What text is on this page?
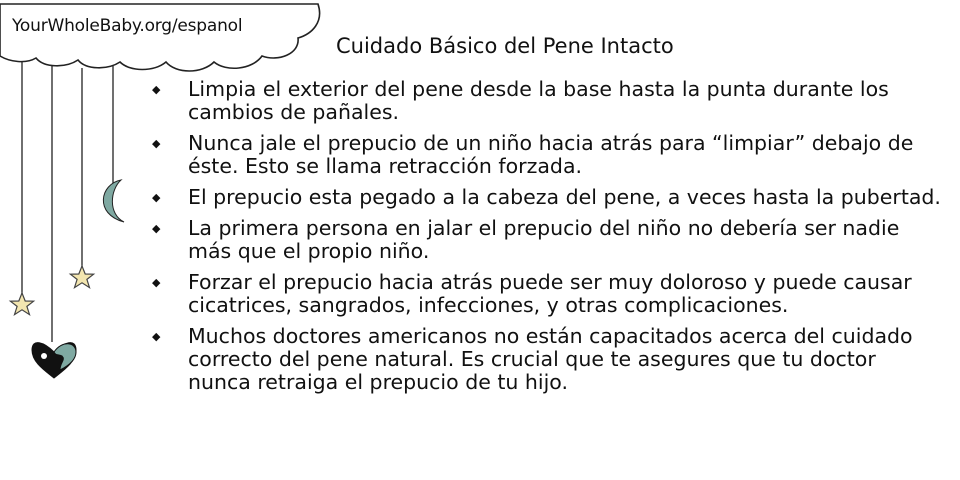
YourWholeBaby.org/espanol
Cuidado Básico del Pene Intacto
◆ Limpia el exterior del pene desde la base hasta la punta durante los cambios de pañales.
◆ Nunca jale el prepucio de un niño hacia atrás para “limpiar” debajo de éste. Esto se llama retracción forzada.
◆ El prepucio esta pegado a la cabeza del pene, a veces hasta la pubertad.
◆ La primera persona en jalar el prepucio del niño no debería ser nadie más que el propio niño.
◆ Forzar el prepucio hacia atrás puede ser muy doloroso y puede causar cicatrices, sangrados, infecciones, y otras complicaciones.
◆ Muchos doctores americanos no están capacitados acerca del cuidado correcto del pene natural. Es crucial que te asegures que tu doctor nunca retraiga el prepucio de tu hijo.
